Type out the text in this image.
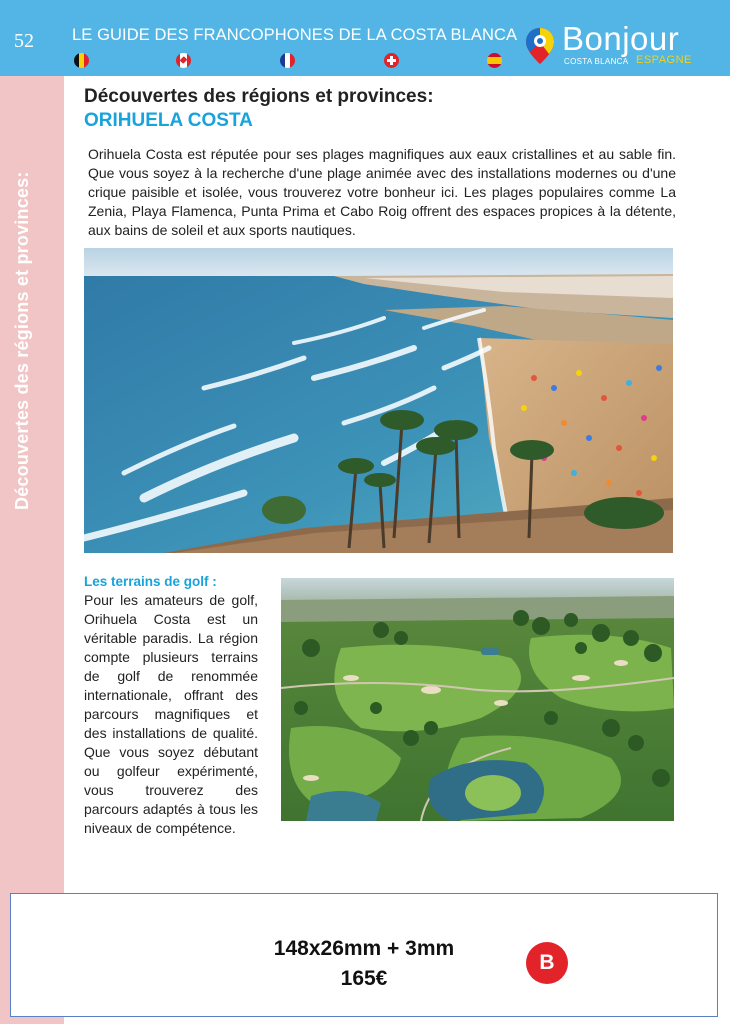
52 LE GUIDE DES FRANCOPHONES DE LA COSTA BLANCA Bonjour
COSTA BLANCA ESPAGNE
Découvertes des régions et provinces:
Découvertes des régions et provinces:
ORIHUELA COSTA
Orihuela Costa est réputée pour ses plages magnifiques aux eaux cristallines et au sable fin. Que vous soyez à la recherche d'une plage animée avec des installations modernes ou d'une crique paisible et isolée, vous trouverez votre bonheur ici. Les plages populaires comme La Zenia, Playa Flamenca, Punta Prima et Cabo Roig offrent des espaces propices à la détente, aux bains de soleil et aux sports nautiques.
Les terrains de golf :
Pour les amateurs de golf, Orihuela Costa est un véritable paradis. La région compte plusieurs terrains de golf de renommée internationale, offrant des parcours magnifiques et des installations de qualité. Que vous soyez débutant ou golfeur expérimenté, vous trouverez des parcours adaptés à tous les niveaux de compétence.
148x26mm + 3mm
165€
B
